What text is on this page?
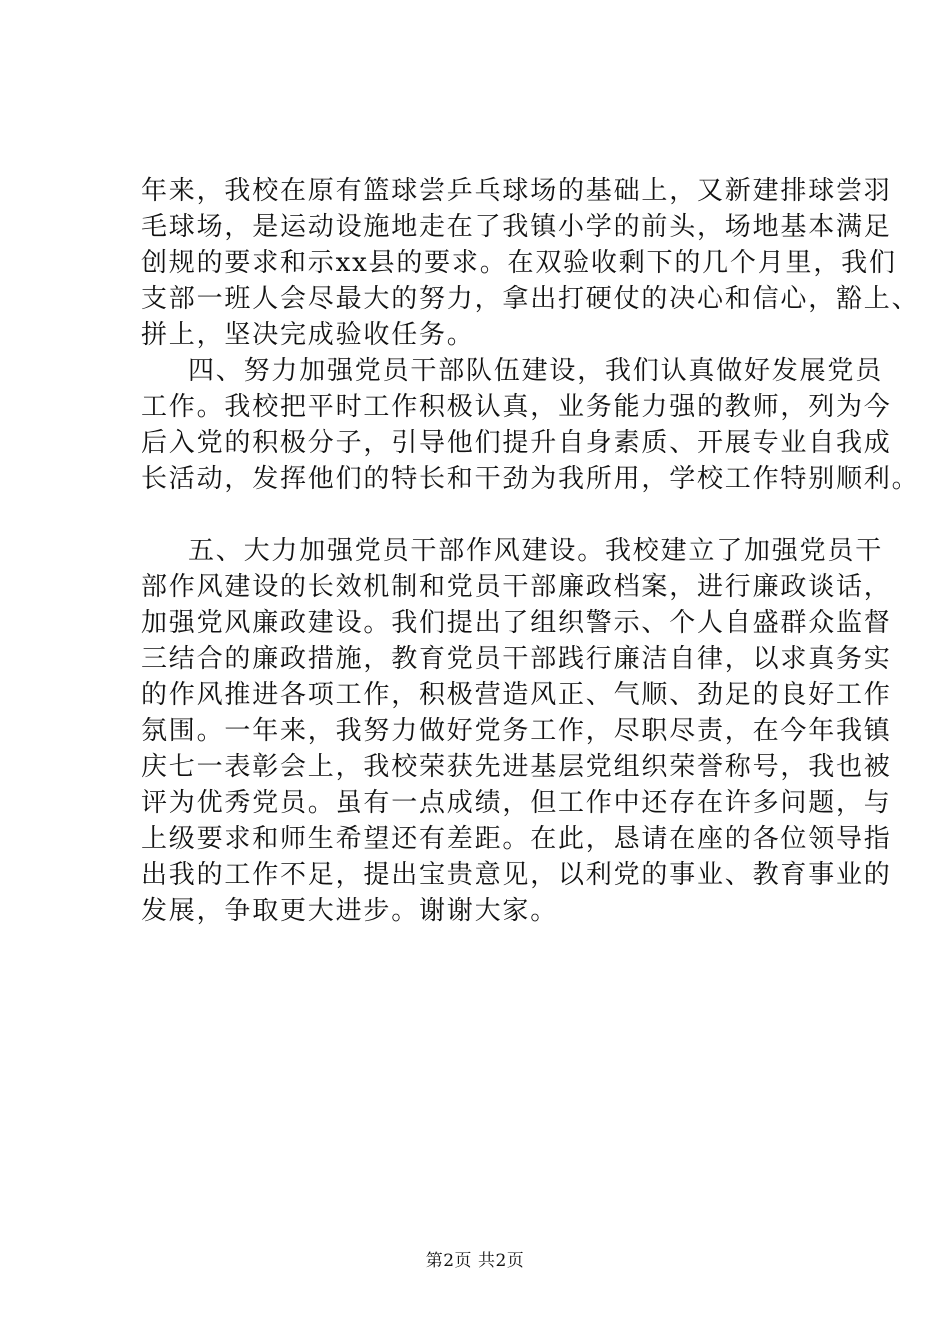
年来，我校在原有篮球尝乒乓球场的基础上，又新建排球尝羽
毛球场，是运动设施地走在了我镇小学的前头，场地基本满足
创规的要求和示xx县的要求。在双验收剩下的几个月里，我们
支部一班人会尽最大的努力，拿出打硬仗的决心和信心，豁上、
拼上，坚决完成验收任务。
四、努力加强党员干部队伍建设，我们认真做好发展党员
工作。我校把平时工作积极认真，业务能力强的教师，列为今
后入党的积极分子，引导他们提升自身素质、开展专业自我成
长活动，发挥他们的特长和干劲为我所用，学校工作特别顺利。
五、大力加强党员干部作风建设。我校建立了加强党员干
部作风建设的长效机制和党员干部廉政档案，进行廉政谈话，
加强党风廉政建设。我们提出了组织警示、个人自盛群众监督
三结合的廉政措施，教育党员干部践行廉洁自律，以求真务实
的作风推进各项工作，积极营造风正、气顺、劲足的良好工作
氛围。一年来，我努力做好党务工作，尽职尽责，在今年我镇
庆七一表彰会上，我校荣获先进基层党组织荣誉称号，我也被
评为优秀党员。虽有一点成绩，但工作中还存在许多问题，与
上级要求和师生希望还有差距。在此，恳请在座的各位领导指
出我的工作不足，提出宝贵意见，以利党的事业、教育事业的
发展，争取更大进步。谢谢大家。
第2页 共2页
